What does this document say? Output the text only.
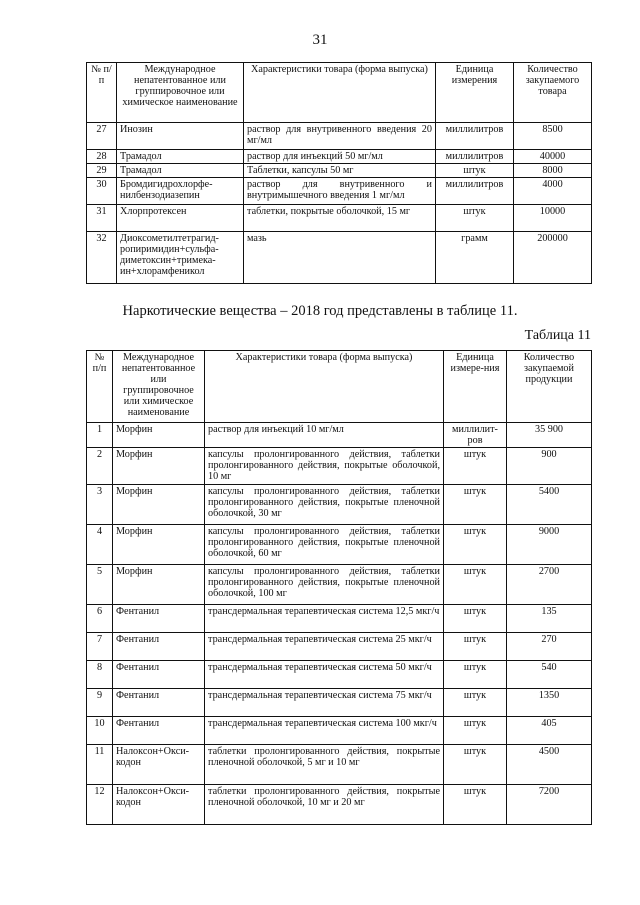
31
№ п/п	Международное непатентованное или группировочное или химическое наименование	Характеристики товара (форма выпуска)	Единица измерения	Количество закупаемого товара
27	Инозин	раствор для внутривенного введения 20 мг/мл	миллилитров	8500
28	Трамадол	раствор для инъекций 50 мг/мл	миллилитров	40000
29	Трамадол	Таблетки, капсулы 50 мг	штук	8000
30	Бромдигидрохлорфе-нилбензодиазепин	раствор для внутривенного и внутримышечного введения 1 мг/мл	миллилитров	4000
31	Хлорпротексен	таблетки, покрытые оболочкой, 15 мг	штук	10000
32	Диоксометилтетрагид-ропиримидин+сульфа-диметоксин+тримека-ин+хлорамфеникол	мазь	грамм	200000
Наркотические вещества – 2018 год представлены в таблице 11.
Таблица 11
№ п/п	Международное непатентованное или группировочное или химическое наименование	Характеристики товара (форма выпуска)	Единица измере-ния	Количество закупаемой продукции
1	Морфин	раствор для инъекций 10 мг/мл	миллилит-ров	35 900
2	Морфин	капсулы пролонгированного действия, таблетки пролонгированного действия, покрытые оболочкой, 10 мг	штук	900
3	Морфин	капсулы пролонгированного действия, таблетки пролонгированного действия, покрытые пленочной оболочкой, 30 мг	штук	5400
4	Морфин	капсулы пролонгированного действия, таблетки пролонгированного действия, покрытые пленочной оболочкой, 60 мг	штук	9000
5	Морфин	капсулы пролонгированного действия, таблетки пролонгированного действия, покрытые пленочной оболочкой, 100 мг	штук	2700
6	Фентанил	трансдермальная терапевтическая система 12,5 мкг/ч	штук	135
7	Фентанил	трансдермальная терапевтическая система 25 мкг/ч	штук	270
8	Фентанил	трансдермальная терапевтическая система 50 мкг/ч	штук	540
9	Фентанил	трансдермальная терапевтическая система 75 мкг/ч	штук	1350
10	Фентанил	трансдермальная терапевтическая система 100 мкг/ч	штук	405
11	Налоксон+Окси-кодон	таблетки пролонгированного действия, покрытые пленочной оболочкой, 5 мг и 10 мг	штук	4500
12	Налоксон+Окси-кодон	таблетки пролонгированного действия, покрытые пленочной оболочкой, 10 мг и 20 мг	штук	7200
